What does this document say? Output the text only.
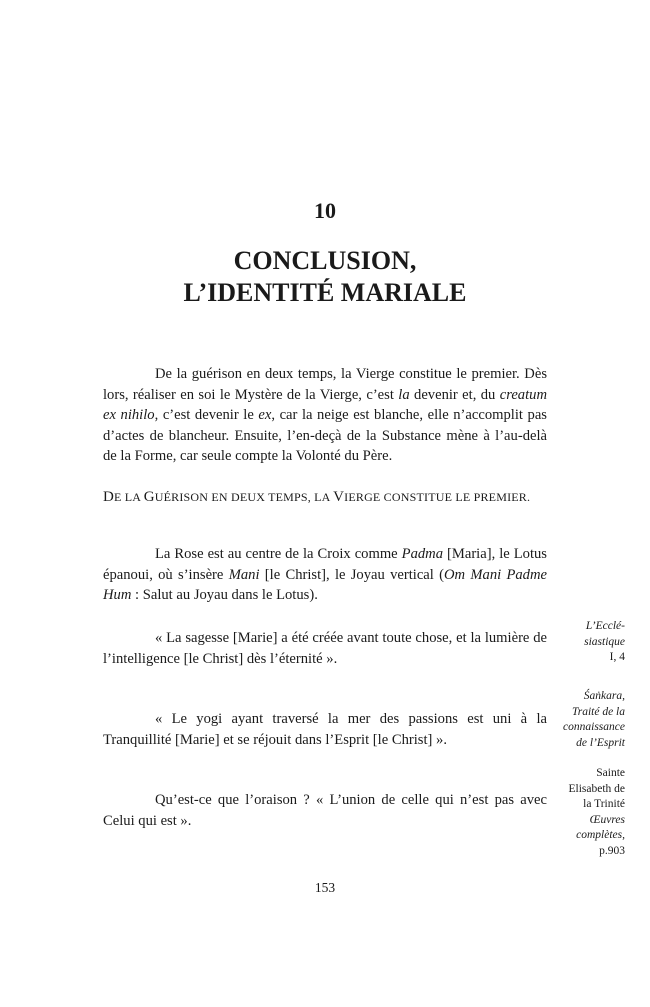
10

CONCLUSION,
L’IDENTITÉ MARIALE

De la guérison en deux temps, la Vierge constitue le premier. Dès lors, réaliser en soi le Mystère de la Vierge, c’est la devenir et, du creatum ex nihilo, c’est devenir le ex, car la neige est blanche, elle n’accomplit pas d’actes de blancheur. Ensuite, l’en-deçà de la Substance mène à l’au-delà de la Forme, car seule compte la Volonté du Père.

DE LA GUÉRISON EN DEUX TEMPS, LA VIERGE CONSTITUE LE PREMIER.

La Rose est au centre de la Croix comme Padma [Maria], le Lotus épanoui, où s’insère Mani [le Christ], le Joyau vertical (Om Mani Padme Hum : Salut au Joyau dans le Lotus).

« La sagesse [Marie] a été créée avant toute chose, et la lumière de l’intelligence [le Christ] dès l’éternité ».

« Le yogi ayant traversé la mer des passions est uni à la Tranquillité [Marie] et se réjouit dans l’Esprit [le Christ] ».

Qu’est-ce que l’oraison ? « L’union de celle qui n’est pas avec Celui qui est ».

L’Ecclé-
siastique
I, 4
Śaṅkara,
Traité de la
connaissance
de l’Esprit
Sainte
Elisabeth de
la Trinité
Œuvres
complètes,
p.903

153
